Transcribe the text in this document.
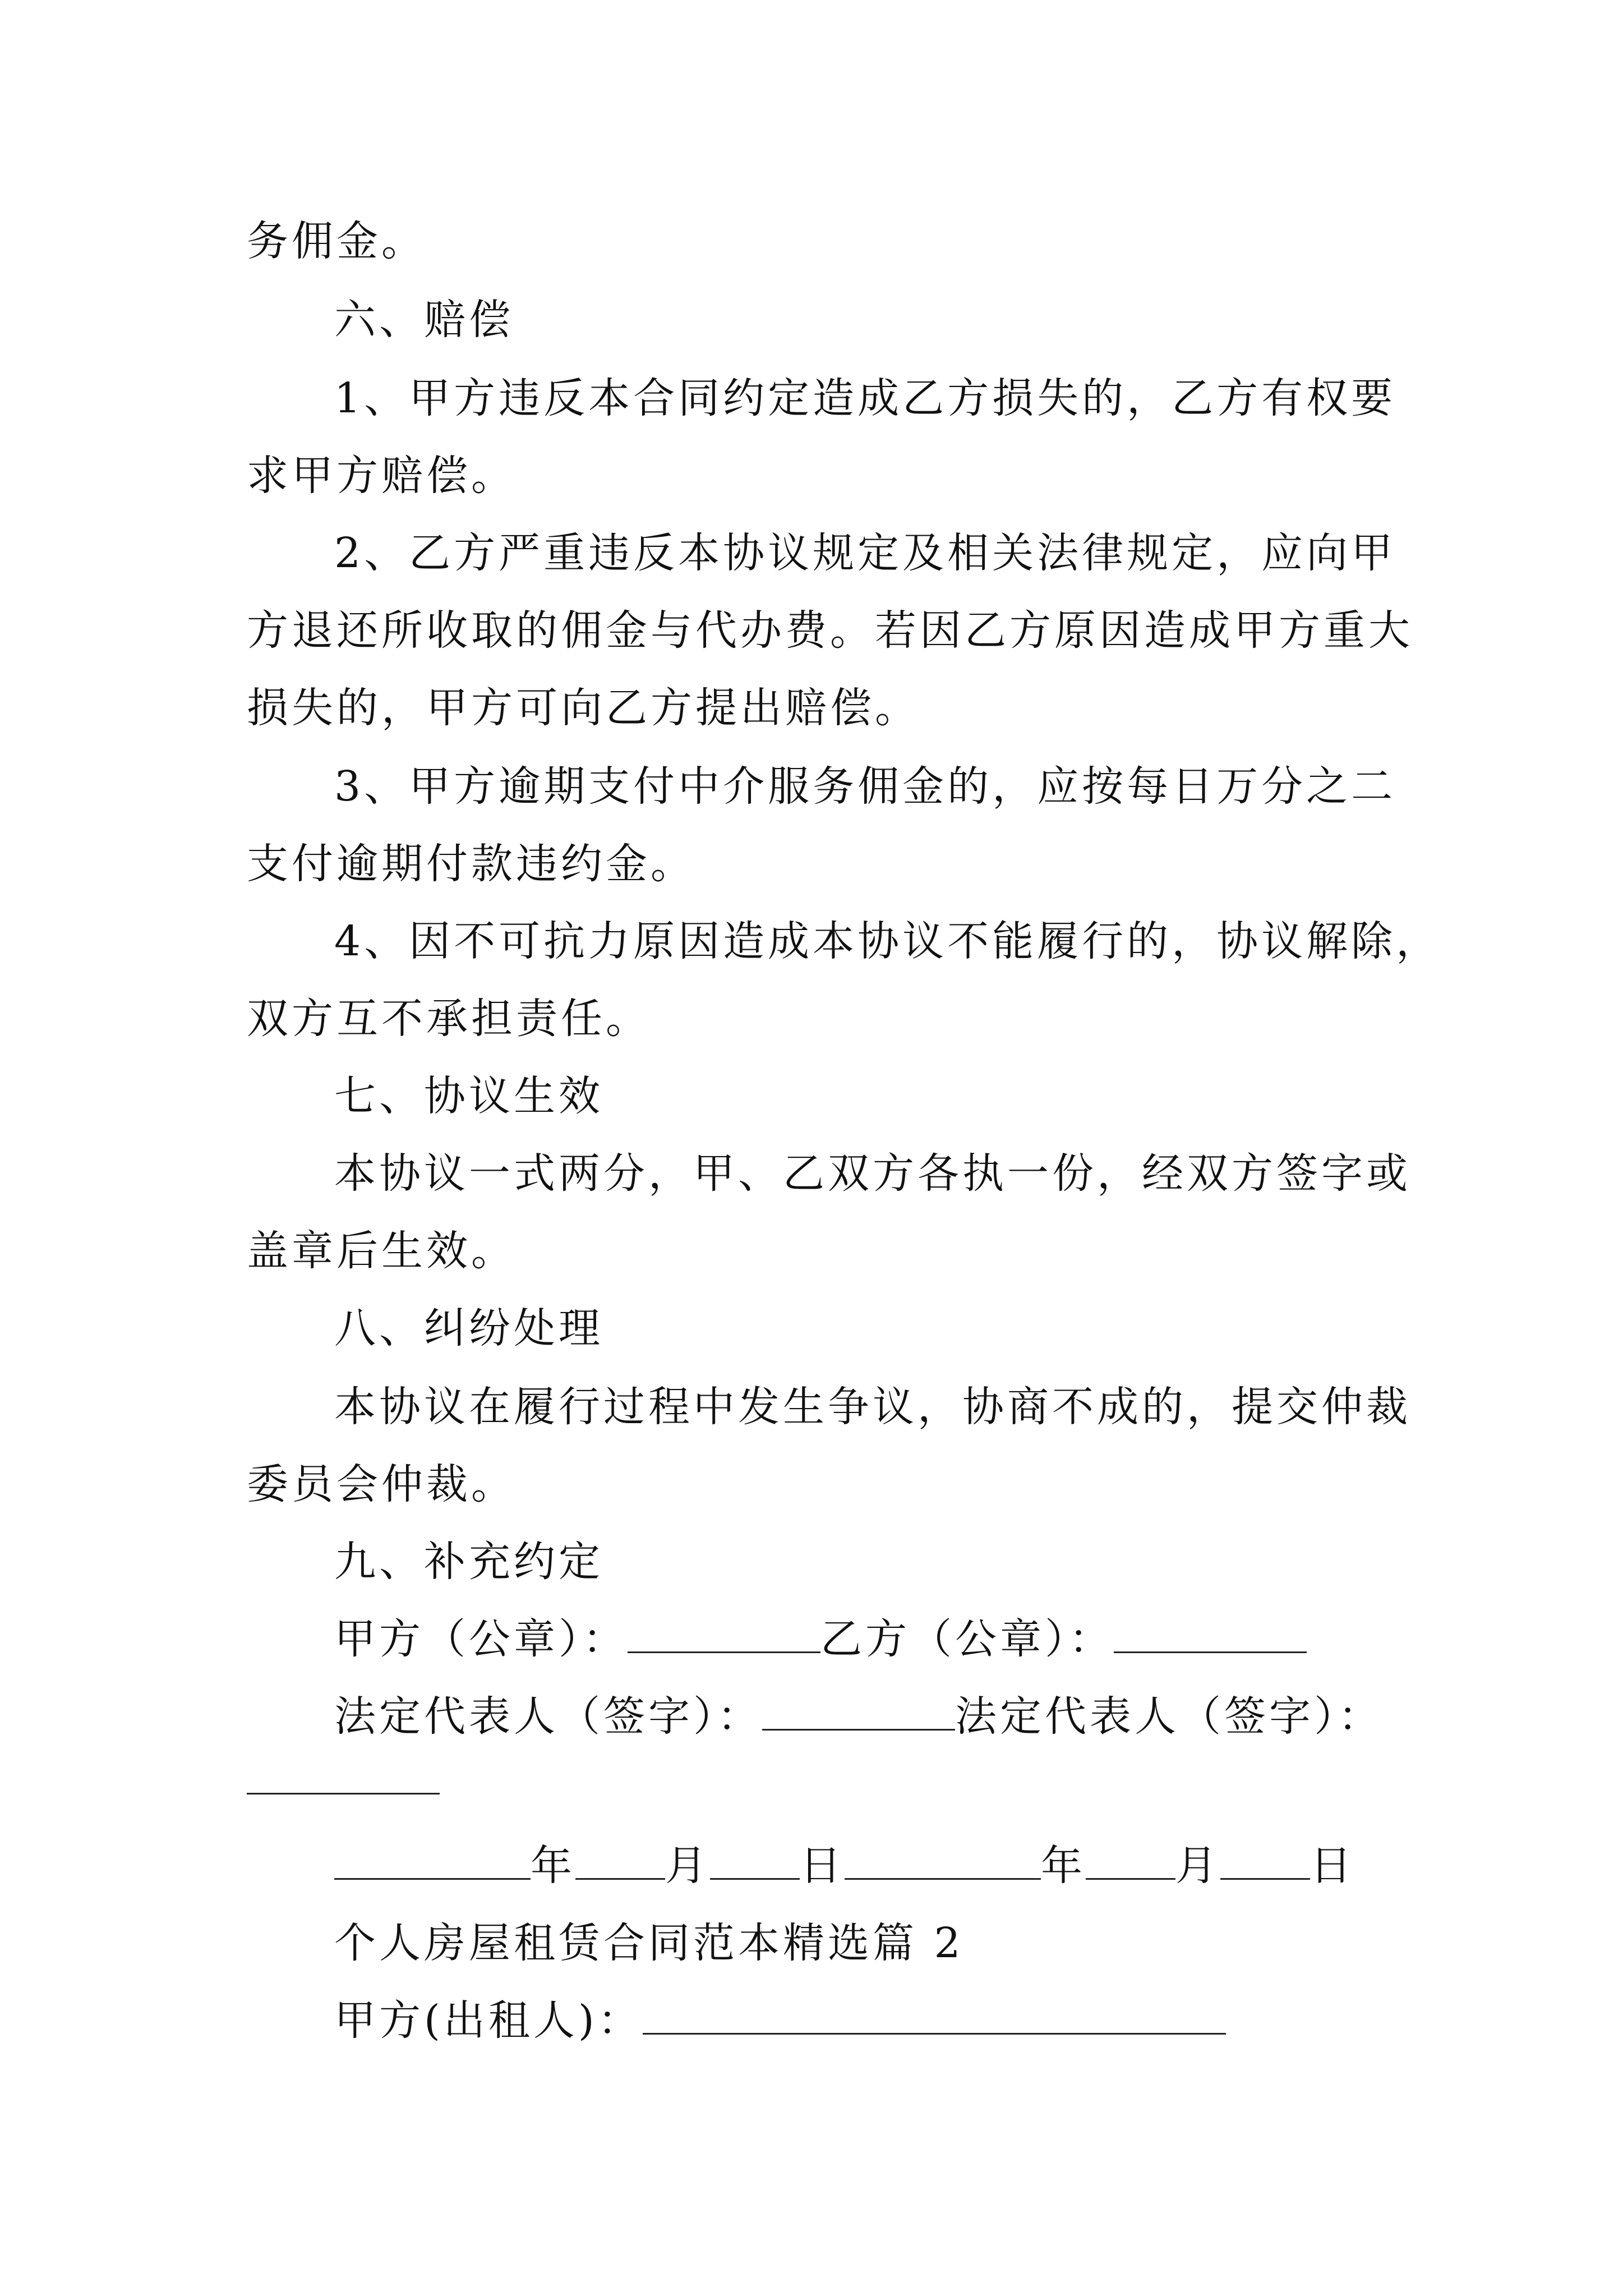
务佣金。
六、赔偿
1、甲方违反本合同约定造成乙方损失的，乙方有权要
求甲方赔偿。
2、乙方严重违反本协议规定及相关法律规定，应向甲
方退还所收取的佣金与代办费。若因乙方原因造成甲方重大
损失的，甲方可向乙方提出赔偿。
3、甲方逾期支付中介服务佣金的，应按每日万分之二
支付逾期付款违约金。
4、因不可抗力原因造成本协议不能履行的，协议解除，
双方互不承担责任。
七、协议生效
本协议一式两分，甲、乙双方各执一份，经双方签字或
盖章后生效。
八、纠纷处理
本协议在履行过程中发生争议，协商不成的，提交仲裁
委员会仲裁。
九、补充约定
甲方（公章）：	乙方（公章）：
法定代表人（签字）：	法定代表人（签字）：
年 月 日	年 月 日
个人房屋租赁合同范本精选篇 2
甲方(出租人)：
